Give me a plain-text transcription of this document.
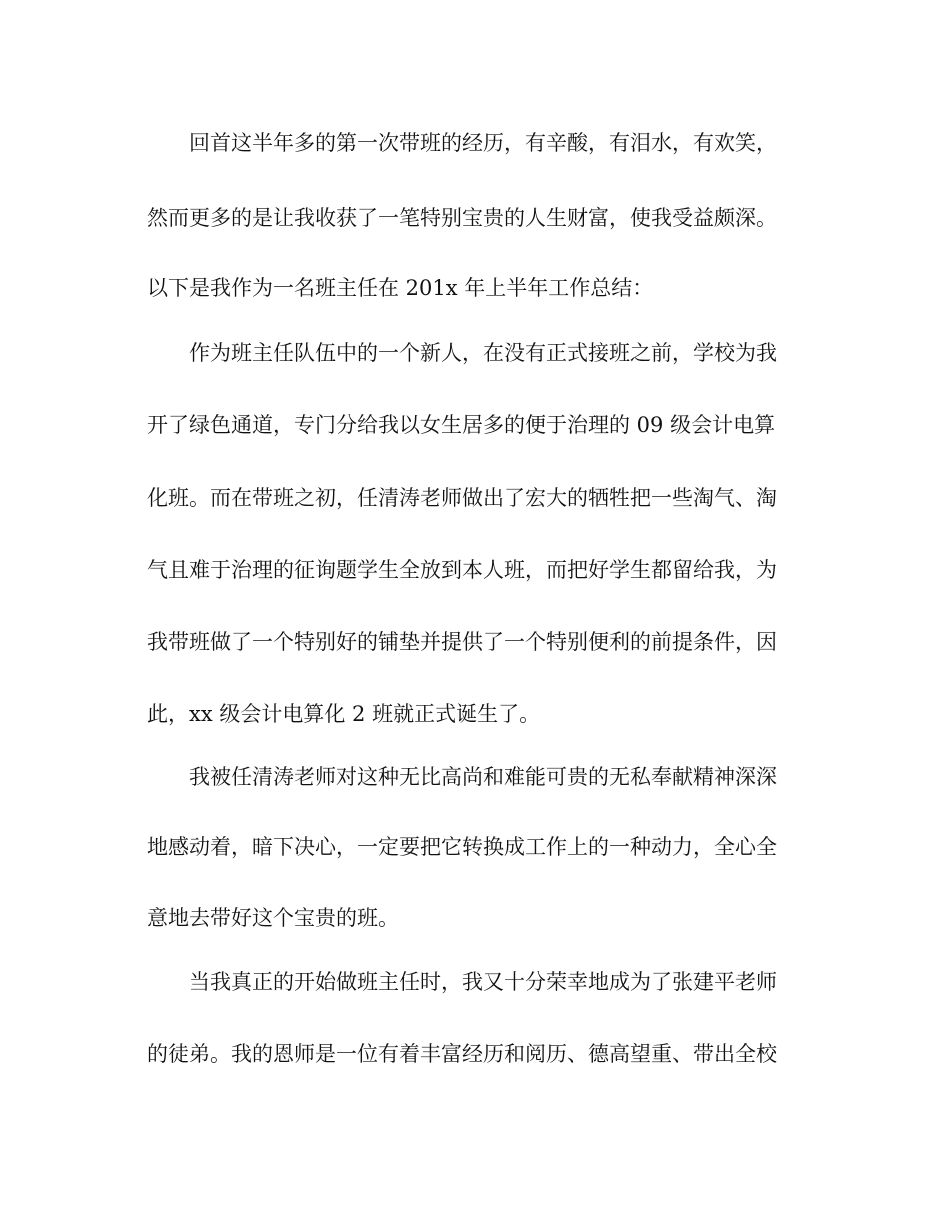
回首这半年多的第一次带班的经历，有辛酸，有泪水，有欢笑，
然而更多的是让我收获了一笔特别宝贵的人生财富，使我受益颇深。
以下是我作为一名班主任在 201x 年上半年工作总结：
作为班主任队伍中的一个新人，在没有正式接班之前，学校为我
开了绿色通道，专门分给我以女生居多的便于治理的 09 级会计电算
化班。而在带班之初，任清涛老师做出了宏大的牺牲把一些淘气、淘
气且难于治理的征询题学生全放到本人班，而把好学生都留给我，为
我带班做了一个特别好的铺垫并提供了一个特别便利的前提条件，因
此，xx 级会计电算化 2 班就正式诞生了。
我被任清涛老师对这种无比高尚和难能可贵的无私奉献精神深深
地感动着，暗下决心，一定要把它转换成工作上的一种动力，全心全
意地去带好这个宝贵的班。
当我真正的开始做班主任时，我又十分荣幸地成为了张建平老师
的徒弟。我的恩师是一位有着丰富经历和阅历、德高望重、带出全校
